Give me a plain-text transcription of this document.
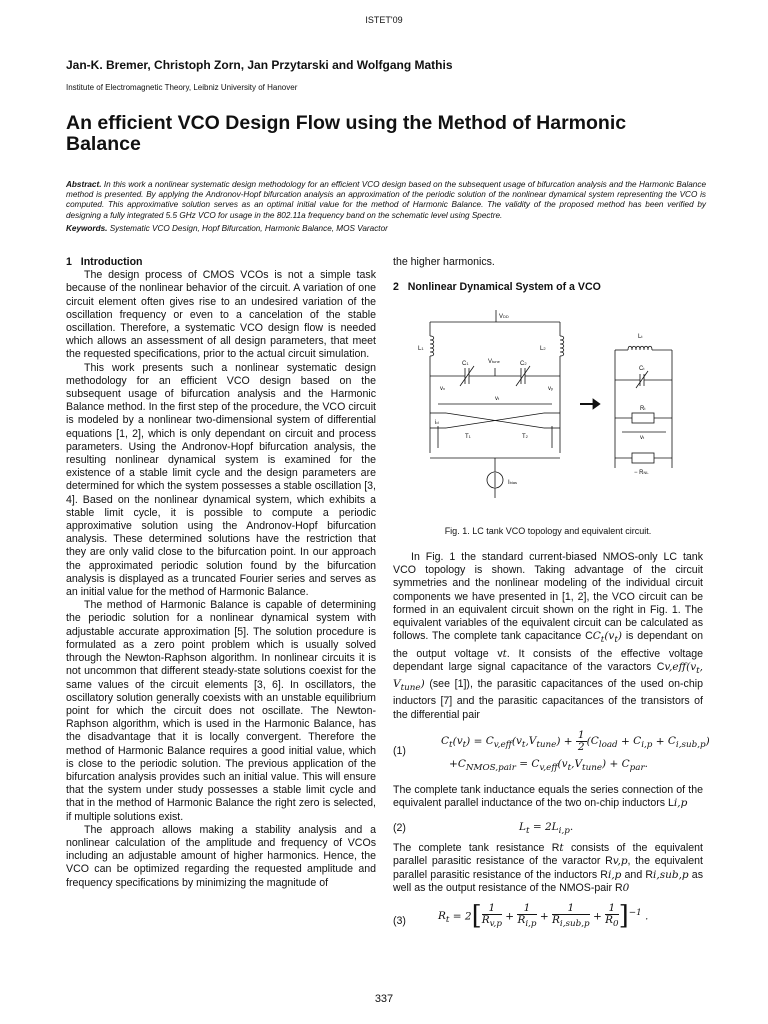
ISTET'09
Jan-K. Bremer, Christoph Zorn, Jan Przytarski and Wolfgang Mathis
Institute of Electromagnetic Theory, Leibniz University of Hanover
An efficient VCO Design Flow using the Method of Harmonic Balance
Abstract. In this work a nonlinear systematic design methodology for an efficient VCO design based on the subsequent usage of bifurcation analysis and the Harmonic Balance method is presented. By applying the Andronov-Hopf bifurcation analysis an approximation of the periodic solution of the nonlinear dynamical system representing the VCO is computed. This approximative solution serves as an optimal initial value for the method of Harmonic Balance. The validity of the proposed method has been verified by designing a fully integrated 5.5 GHz VCO for usage in the 802.11a frequency band on the schematic level using Spectre.
Keywords. Systematic VCO Design, Hopf Bifurcation, Harmonic Balance, MOS Varactor
1 Introduction

The design process of CMOS VCOs is not a simple task because of the nonlinear behavior of the circuit. A variation of one circuit element often gives rise to an undesired variation of the oscillation frequency or even to a cancelation of the stable oscillation. Therefore, a systematic VCO design flow is needed which allows an assessment of all design parameters, that meet the requested specifications, prior to the actual circuit simulation.

This work presents such a nonlinear systematic design methodology for an efficient VCO design based on the subsequent usage of bifurcation analysis and the Harmonic Balance method. In the first step of the procedure, the VCO circuit is modeled by a nonlinear two-dimensional system of differential equations [1, 2], which is only dependant on circuit and process parameters. Using the Andronov-Hopf bifurcation analysis, the resulting nonlinear dynamical system is examined for the existence of a stable limit cycle and the design parameters are determined for which the system possesses a stable oscillation [3, 4]. Based on the nonlinear dynamical system, which exhibits a stable limit cycle, it is possible to compute a periodic approximative solution using the Andronov-Hopf bifurcation analysis. These determined solutions have the restriction that they are only valid close to the bifurcation point. In our approach the approximated periodic solution found by the bifurcation analysis is displayed as a truncated Fourier series and serves as an initial value for the method of Harmonic Balance.

The method of Harmonic Balance is capable of determining the periodic solution for a nonlinear dynamical system with adjustable accurate approximation [5]. The solution procedure is formulated as a zero point problem which is usually solved through the Newton-Raphson algorithm. In nonlinear circuits it is not uncommon that different steady-state solutions coexist for the same values of the circuit elements [3, 6]. In oscillators, the oscillatory solution generally coexists with an unstable equilibrium point for which the circuit does not oscillate. The Newton-Raphson algorithm, which is used in the Harmonic Balance, has the disadvantage that it is locally convergent. Therefore the method of Harmonic Balance requires a good initial value, which is close to the periodic solution. The previous application of the bifurcation analysis provides such an initial value. This will ensure that the system under study possesses a stable limit cycle and that in the method of Harmonic Balance the right zero is selected, if multiple solutions exist.

The approach allows making a stability analysis and a nonlinear calculation of the amplitude and frequency of VCOs including an adjustable amount of higher harmonics. Hence, the VCO can be optimized regarding the requested amplitude and frequency specifications by minimizing the magnitude of

the higher harmonics.

2 Nonlinear Dynamical System of a VCO
VDD
L1	L2
C1	Vtune	C2
vx	vy
vt
id
T1	T2
Ibias
Lt
Ct
Rt
vt
− RNL
Fig. 1. LC tank VCO topology and equivalent circuit.

In Fig. 1 the standard current-biased NMOS-only LC tank VCO topology is shown. Taking advantage of the circuit symmetries and the nonlinear modeling of the individual circuit components we have presented in [1, 2], the VCO circuit can be formed in an equivalent circuit shown on the right in Fig. 1. The equivalent variables of the equivalent circuit can be calculated as follows. The complete tank capacitance $CC_t(v_t)$ is dependant on the output voltage vt. It consists of the effective voltage dependant large signal capacitance of the varactors $Cv,eff(v_t$, $V_{tune}$) (see [1]), the parasitic capacitances of the used on-chip inductors [7] and the parasitic capacitances of the transistors of the differential pair

(1)
$C_t(v_t) = C_{v,eff}(v_t,V_{tune}) + \frac{1}{2} (C_{load} + C_{i,p} + C_{i,sub,p})$
$+C_{NMOS,pair} = C_{v,eff}(v_t,V_{tune}) + C_{par}$.

The complete tank inductance equals the series connection of the equivalent parallel inductance of the two on-chip inductors Li,p

(2)	$L_t = 2L_{i,p}$.

The complete tank resistance Rt consists of the equivalent parallel parasitic resistance of the varactor Rv,p, the equivalent parallel parasitic resistance of the inductors Ri,p and Ri,sub,p as well as the output resistance of the NMOS-pair R0

(3)	$R_t = 2[ \frac{1}{R_{v,p}} + \frac{1}{R_{i,p}} + \frac{1}{R_{i,sub,p}} + \frac{1}{R_0} ]^{-1}$ .
337
